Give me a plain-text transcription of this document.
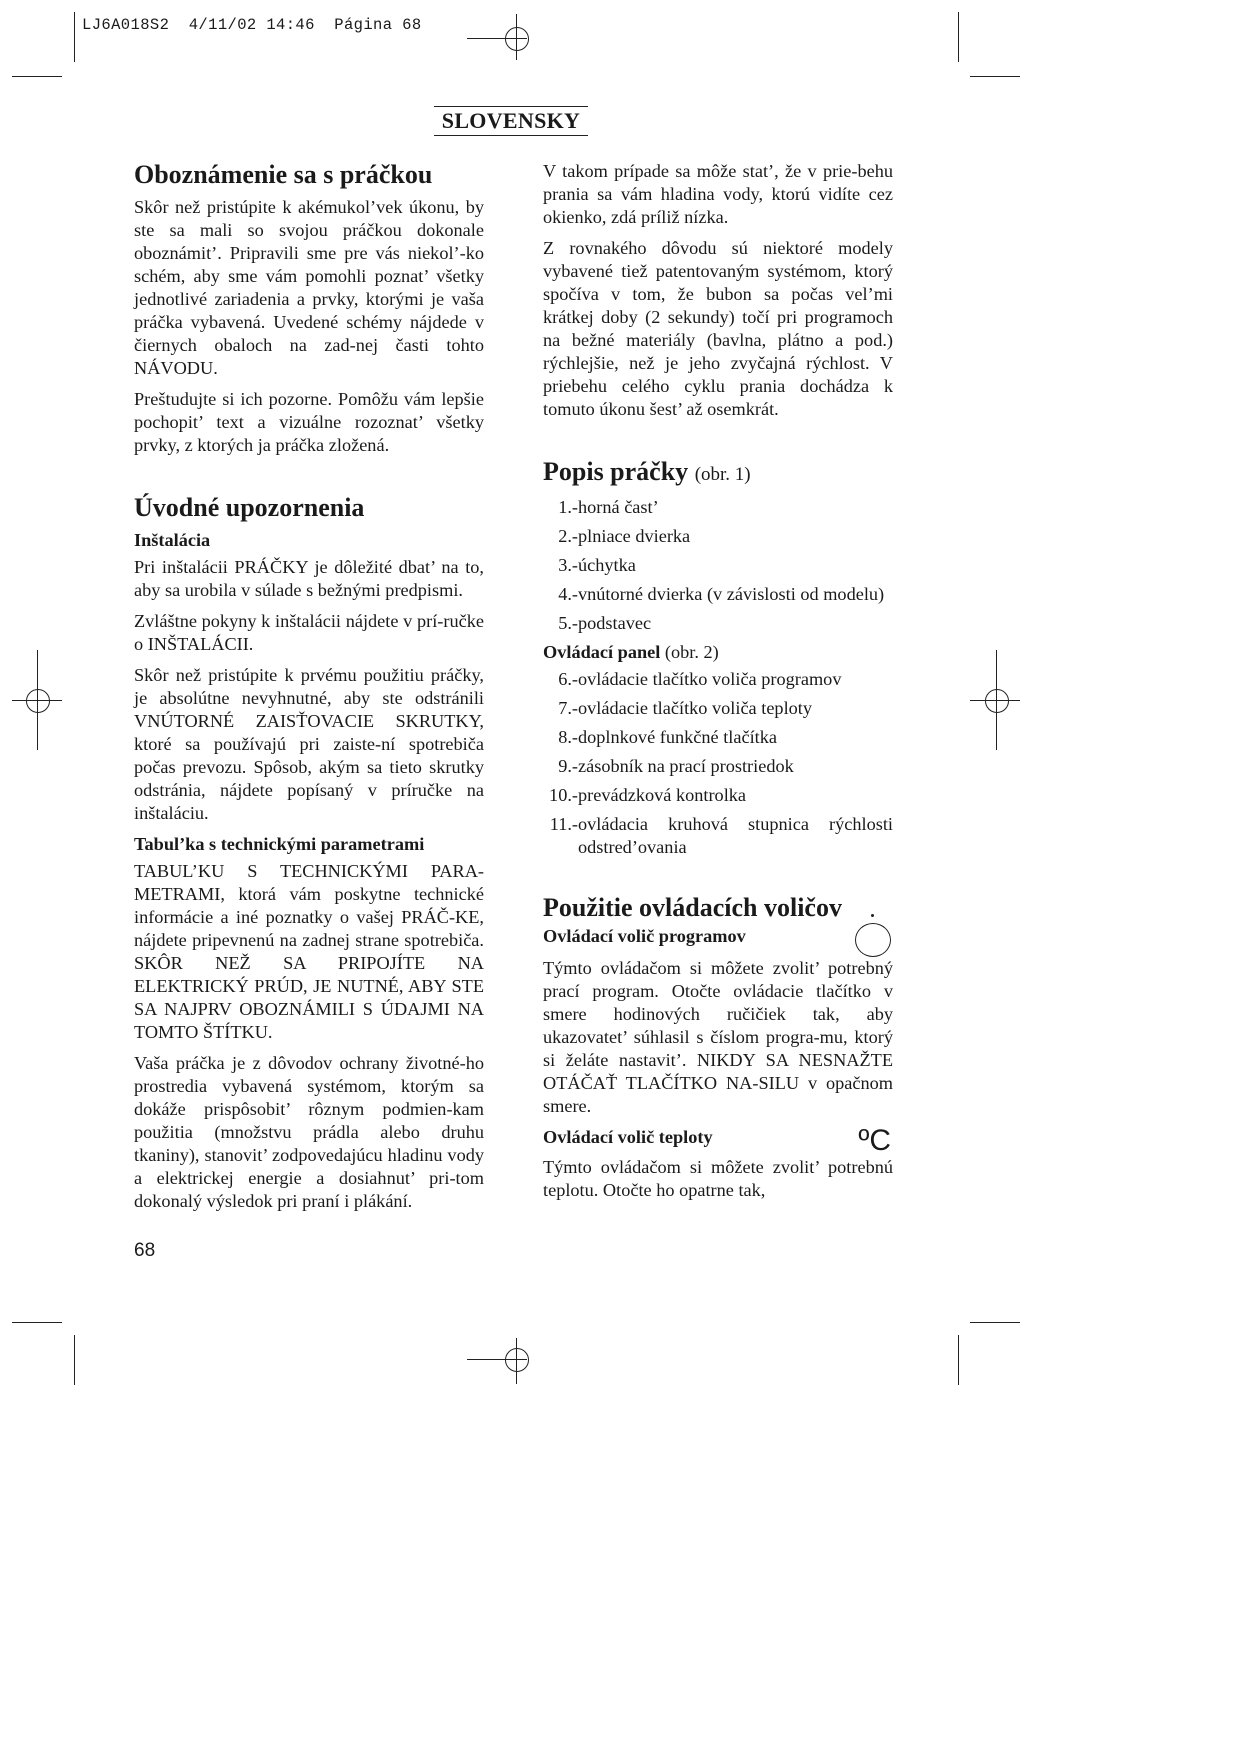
LJ6A018S2  4/11/02 14:46  Página 68
SLOVENSKY
Oboznámenie sa s práčkou

Skôr než pristúpite k akémukol’vek úkonu, by ste sa mali so svojou práčkou dokonale oboznámit’. Pripravili sme pre vás niekol’-ko schém, aby sme vám pomohli poznat’ všetky jednotlivé zariadenia a prvky, ktorými je vaša práčka vybavená. Uvedené schémy nájdede v čiernych obaloch na zad-nej časti tohto NÁVODU.

Preštudujte si ich pozorne. Pomôžu vám lepšie pochopit’ text a vizuálne rozoznat’ všetky prvky, z ktorých ja práčka zložená.

Úvodné upozornenia
Inštalácia

Pri inštalácii PRÁČKY je dôležité dbat’ na to, aby sa urobila v súlade s bežnými predpismi.

Zvláštne pokyny k inštalácii nájdete v prí-ručke o INŠTALÁCII.

Skôr než pristúpite k prvému použitiu práčky, je absolútne nevyhnutné, aby ste odstránili VNÚTORNÉ ZAISŤOVACIE SKRUTKY, ktoré sa používajú pri zaiste-ní spotrebiča počas prevozu. Spôsob, akým sa tieto skrutky odstránia, nájdete popísaný v príručke na inštaláciu.

Tabul’ka s technickými parametrami

TABUL’KU S TECHNICKÝMI PARA-METRAMI, ktorá vám poskytne technické informácie a iné poznatky o vašej PRÁČ-KE, nájdete pripevnenú na zadnej strane spotrebiča. SKÔR NEŽ SA PRIPOJÍTE NA ELEKTRICKÝ PRÚD, JE NUTNÉ, ABY STE SA NAJPRV OBOZNÁMILI S ÚDAJMI NA TOMTO ŠTÍTKU.

Vaša práčka je z dôvodov ochrany životné-ho prostredia vybavená systémom, ktorým sa dokáže prispôsobit’ rôznym podmien-kam použitia (množstvu prádla alebo druhu tkaniny), stanovit’ zodpovedajúcu hladinu vody a elektrickej energie a dosiahnut’ pri-tom dokonalý výsledok pri praní i plákání.

V takom prípade sa môže stat’, že v prie-behu prania sa vám hladina vody, ktorú vidíte cez okienko, zdá príliž nízka.

Z rovnakého dôvodu sú niektoré modely vybavené tiež patentovaným systémom, ktorý spočíva v tom, že bubon sa počas vel’mi krátkej doby (2 sekundy) točí pri programoch na bežné materiály (bavlna, plátno a pod.) rýchlejšie, než je jeho zvyčajná rýchlost. V priebehu celého cyklu prania dochádza k tomuto úkonu šest’ až osemkrát.

Popis práčky (obr. 1)
1.- horná čast’
2.- plniace dvierka
3.- úchytka
4.- vnútorné dvierka (v závislosti od modelu)
5.- podstavec
Ovládací panel (obr. 2)
6.- ovládacie tlačítko voliča programov
7.- ovládacie tlačítko voliča teploty
8.- doplnkové funkčné tlačítka
9.- zásobník na prací prostriedok
10.- prevádzková kontrolka
11.- ovládacia kruhová stupnica rýchlosti odstred’ovania
Použitie ovládacích voličov
Ovládací volič programov

Týmto ovládačom si môžete zvolit’ potrebný prací program. Otočte ovládacie tlačítko v smere hodinových ručičiek tak, aby ukazovatet’ súhlasil s číslom progra-mu, ktorý si želáte nastavit’. NIKDY SA NESNAŽTE OTÁČAŤ TLAČÍTKO NA-SILU v opačnom smere.

Ovládací volič teploty	ºC

Týmto ovládačom si môžete zvolit’ potrebnú teplotu. Otočte ho opatrne tak,

68
